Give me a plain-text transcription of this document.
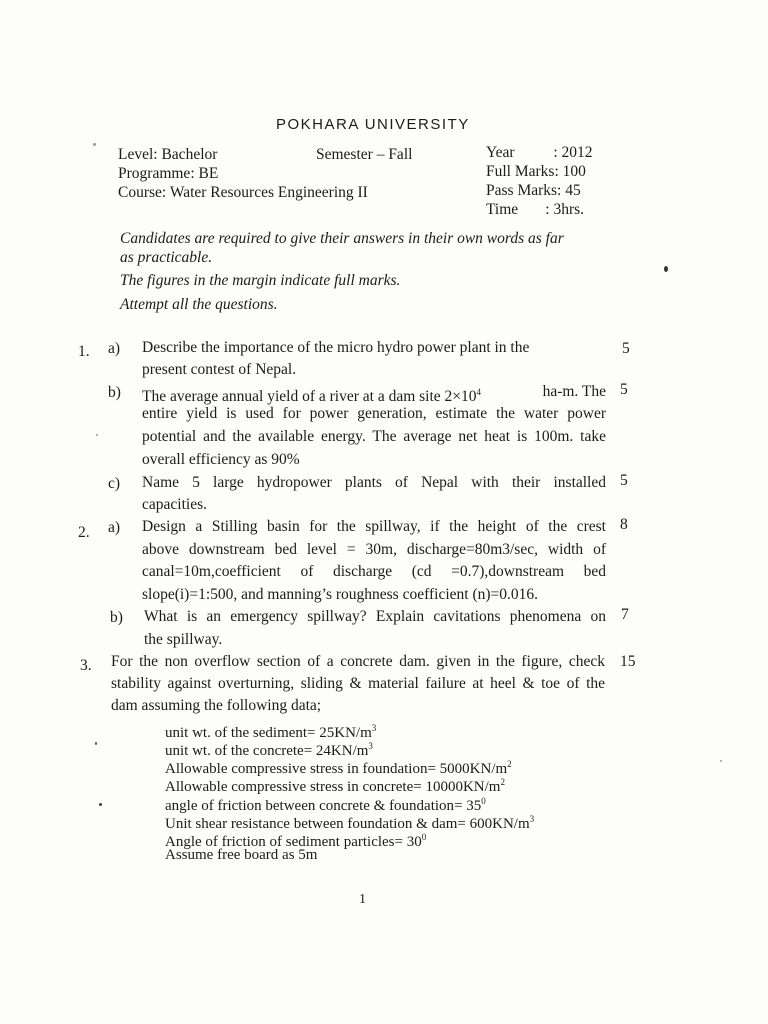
POKHARA UNIVERSITY
Level: Bachelor	Semester – Fall	Year          : 2012
Programme: BE	Full Marks: 100
Course: Water Resources Engineering II	Pass Marks: 45
Time       : 3hrs.
Candidates are required to give their answers in their own words as far
as practicable.
The figures in the margin indicate full marks.
Attempt all the questions.
1. a) Describe the importance of the micro hydro power plant in the
present contest of Nepal.
5
b) The average annual yield of a river at a dam site $2\times 10^4$	ha-m. The
entire yield is used for power generation, estimate the water power
potential and the available energy. The average net heat is 100m. take
overall efficiency as 90%
5
c) Name 5 large hydropower plants of Nepal with their installed
capacities.
5
2. a) Design a Stilling basin for the spillway, if the height of the crest
above downstream bed level = 30m, discharge=80m3/sec, width of
canal=10m,coefficient of discharge (cd =0.7),downstream bed
slope(i)=1:500, and manning’s roughness coefficient (n)=0.016.
8
b) What is an emergency spillway? Explain cavitations phenomena on
the spillway.
7
3. For the non overflow section of a concrete dam. given in the figure, check
stability against overturning, sliding & material failure at heel & toe of the
dam assuming the following data;
15
unit wt. of the sediment= $25KN/m^3$
unit wt. of the concrete= $24KN/m^3$
Allowable compressive stress in foundation= $5000KN/m^2$
Allowable compressive stress in concrete= $10000KN/m^2$
angle of friction between concrete & foundation= $35^0$
Unit shear resistance between foundation & $dam= 600KN/m^3$
Angle of friction of sediment particles= $30^0$
Assume free board as 5m
1
